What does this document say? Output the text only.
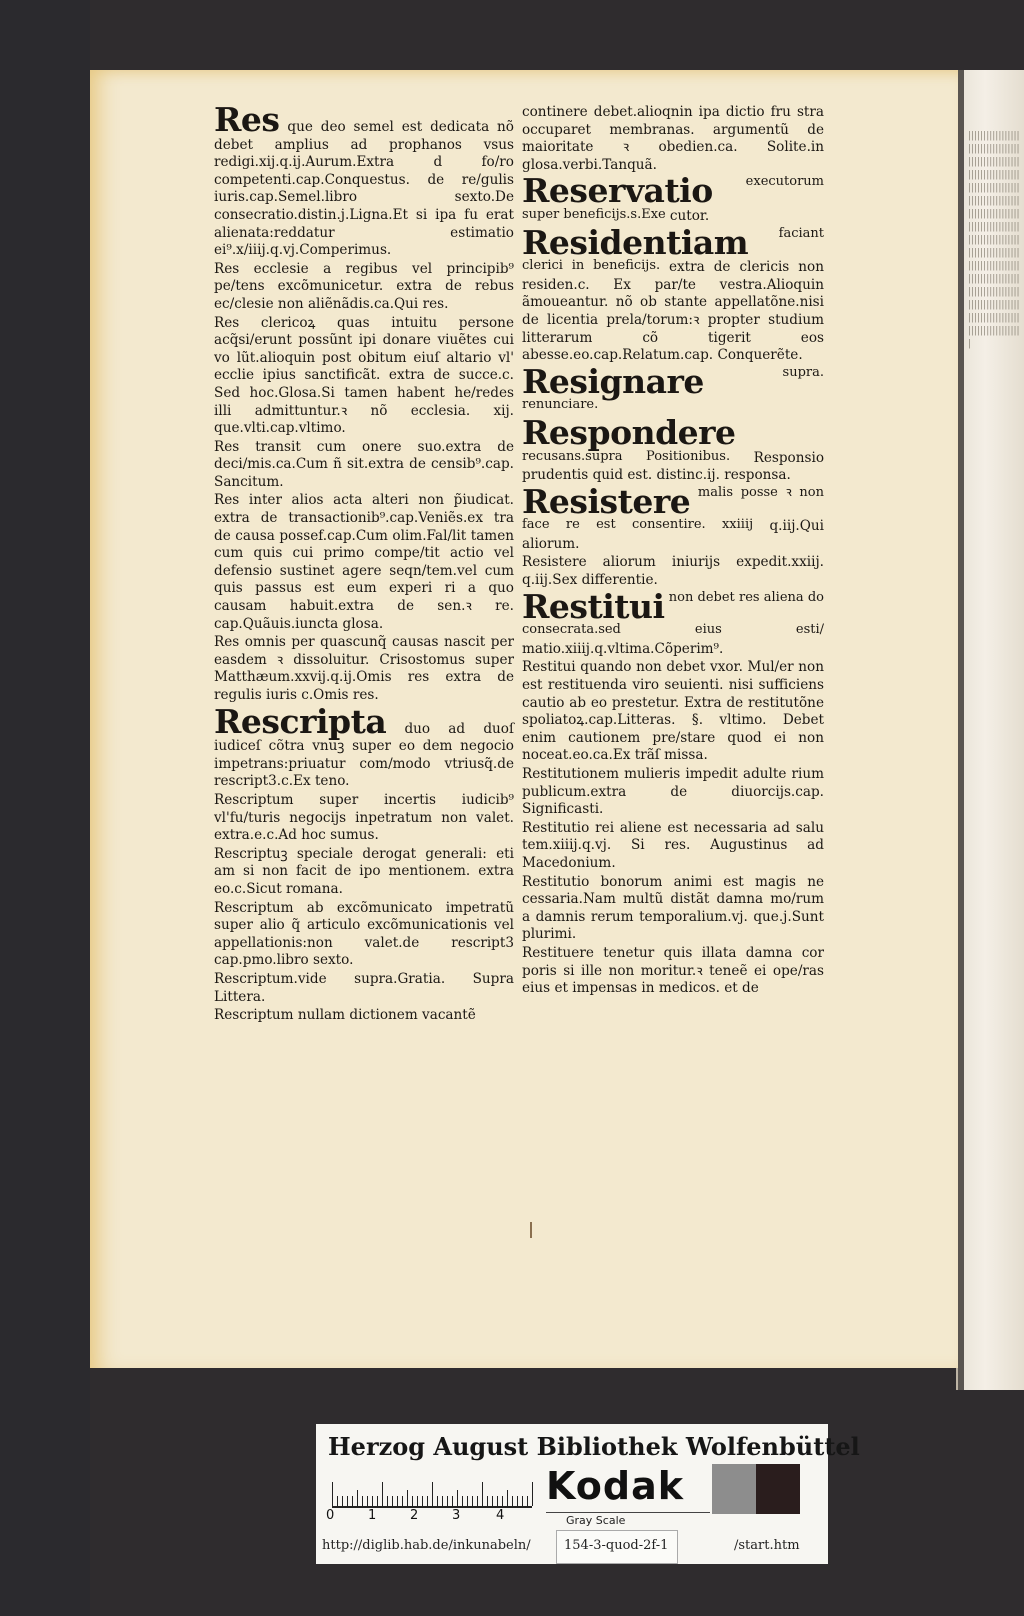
|||||||||||||||||||||||||||||||||||||||||||||||||||||||||||||||||||||||||||||||||||||||||||||||||||||||||||||||||||||||||||||||||||||||||||||||||||||||||||||||||||||||||||||||||||||||||||||||||||||||||||||||||||||||||||||||||||||||||||||||||||||||||||||||||||||||||||||||||

Res que deo semel est dedicata nõ debet amplius ad prophanos vsus redigi.xij.q.ij.Aurum.Extra d fo/ro competenti.cap.Conquestus. de re/gulis iuris.cap.Semel.libro sexto.De consecratio.distin.j.Ligna.Et si ipa fu erat alienata:reddatur estimatio ei⁹.x/iiij.q.vj.Comperimus.

Res ecclesie a regibus vel principib⁹ pe/tens excõmunicetur. extra de rebus ec/clesie non aliẽnãdis.ca.Qui res.

Res clericoꝝ quas intuitu persone acq̃si/erunt possũnt ipi donare viuẽtes cui vo lũt.alioquin post obitum eiuſ altario vl' ecclie ipius sanctificãt. extra de succe.c. Sed hoc.Glosa.Si tamen habent he/redes illi admittuntur.ꝛ nõ ecclesia. xij. que.vlti.cap.vltimo.

Res transit cum onere suo.extra de deci/mis.ca.Cum ñ sit.extra de censib⁹.cap. Sancitum.

Res inter alios acta alteri non p̃iudicat. extra de transactionib⁹.cap.Veniẽs.ex tra de causa possef.cap.Cum olim.Fal/lit tamen cum quis cui primo compe/tit actio vel defensio sustinet agere seqn/tem.vel cum quis passus est eum experi ri a quo causam habuit.extra de sen.ꝛ re. cap.Quãuis.iuncta glosa.

Res omnis per quascunq̃ causas nascit per easdem ꝛ dissoluitur. Crisostomus super Matthæum.xxvij.q.ij.Omis res extra de regulis iuris c.Omis res.

Rescripta duo ad duoſ iudiceſ cõtra vnuꝫ super eo dem negocio impetrans:priuatur com/modo vtriusq̃.de rescript3.c.Ex teno.

Rescriptum super incertis iudicib⁹ vl'fu/turis negocijs inpetratum non valet. extra.e.c.Ad hoc sumus.

Rescriptuꝫ speciale derogat generali: eti am si non facit de ipo mentionem. extra eo.c.Sicut romana.

Rescriptum ab excõmunicato impetratũ super alio q̃ articulo excõmunicationis vel appellationis:non valet.de rescript3 cap.pmo.libro sexto.

Rescriptum.vide supra.Gratia. Supra Littera.

Rescriptum nullam dictionem vacantẽ

continere debet.alioqnin ipa dictio fru stra occuparet membranas. argumentũ de maioritate ꝛ obedien.ca. Solite.in glosa.verbi.Tanquã.

Reservatio executorum super beneficijs.s.Exe cutor.

Residentiam faciant clerici in beneficijs. extra de clericis non residen.c. Ex par/te vestra.Alioquin ãmoueantur. nõ ob stante appellatõne.nisi de licentia prela/torum:ꝛ propter studium litterarum cõ tigerit eos abesse.eo.cap.Relatum.cap. Conquerẽte.

Resignare supra. renunciare.

Respondere recusans.supra Positionibus. Responsio prudentis quid est. distinc.ij. responsa.

Resistere malis posse ꝛ non face re est consentire. xxiiij q.iij.Qui aliorum.

Resistere aliorum iniurijs expedit.xxiij. q.iij.Sex differentie.

Restitui non debet res aliena do consecrata.sed eius esti/ matio.xiiij.q.vltima.Cõperim⁹.

Restitui quando non debet vxor. Mul/er non est restituenda viro seuienti. nisi sufficiens cautio ab eo prestetur. Extra de restitutõne spoliatoꝝ.cap.Litteras. §. vltimo. Debet enim cautionem pre/stare quod ei non noceat.eo.ca.Ex trãſ missa.

Restitutionem mulieris impedit adulte rium publicum.extra de diuorcijs.cap. Significasti.

Restitutio rei aliene est necessaria ad salu tem.xiiij.q.vj. Si res. Augustinus ad Macedonium.

Restitutio bonorum animi est magis ne cessaria.Nam multũ distãt damna mo/rum a damnis rerum temporalium.vj. que.j.Sunt plurimi.

Restituere tenetur quis illata damna cor poris si ille non moritur.ꝛ teneẽ ei ope/ras eius et impensas in medicos. et de

Herzog August Bibliothek Wolfenbüttel
0	1	2	3	4
Kodak
Gray Scale
http://diglib.hab.de/inkunabeln/	154-3-quod-2f-1	/start.htm
